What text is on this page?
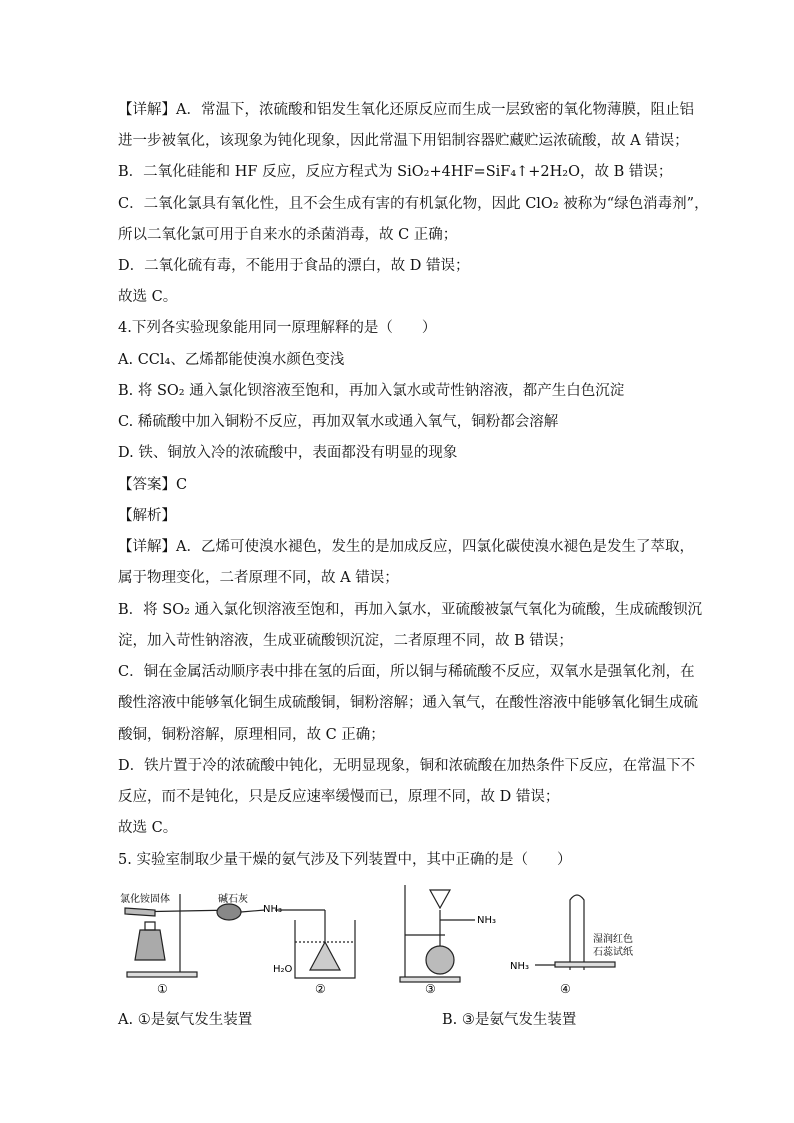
【详解】A．常温下，浓硫酸和铝发生氧化还原反应而生成一层致密的氧化物薄膜，阻止铝
进一步被氧化，该现象为钝化现象，因此常温下用铝制容器贮藏贮运浓硫酸，故 A 错误；
B．二氧化硅能和 HF 反应，反应方程式为 SiO₂+4HF=SiF₄↑+2H₂O，故 B 错误；
C．二氧化氯具有氧化性，且不会生成有害的有机氯化物，因此 ClO₂ 被称为“绿色消毒剂”，
所以二氧化氯可用于自来水的杀菌消毒，故 C 正确；
D．二氧化硫有毒，不能用于食品的漂白，故 D 错误；
故选 C。
4.下列各实验现象能用同一原理解释的是（　　）
A. CCl₄、乙烯都能使溴水颜色变浅
B. 将 SO₂ 通入氯化钡溶液至饱和，再加入氯水或苛性钠溶液，都产生白色沉淀
C. 稀硫酸中加入铜粉不反应，再加双氧水或通入氧气，铜粉都会溶解
D. 铁、铜放入冷的浓硫酸中，表面都没有明显的现象
【答案】C
【解析】
【详解】A．乙烯可使溴水褪色，发生的是加成反应，四氯化碳使溴水褪色是发生了萃取，
属于物理变化，二者原理不同，故 A 错误；
B．将 SO₂ 通入氯化钡溶液至饱和，再加入氯水，亚硫酸被氯气氧化为硫酸，生成硫酸钡沉
淀，加入苛性钠溶液，生成亚硫酸钡沉淀，二者原理不同，故 B 错误；
C．铜在金属活动顺序表中排在氢的后面，所以铜与稀硫酸不反应，双氧水是强氧化剂，在
酸性溶液中能够氧化铜生成硫酸铜，铜粉溶解；通入氧气，在酸性溶液中能够氧化铜生成硫
酸铜，铜粉溶解，原理相同，故 C 正确；
D．铁片置于冷的浓硫酸中钝化，无明显现象，铜和浓硫酸在加热条件下反应，在常温下不
反应，而不是钝化，只是反应速率缓慢而已，原理不同，故 D 错误；
故选 C。
5. 实验室制取少量干燥的氨气涉及下列装置中，其中正确的是（　　）
氯化铵固体	碱石灰
①
NH₃
H₂O
②
NH₃
③
NH₃
湿润红色
石蕊试纸
④
A. ①是氨气发生装置	B. ③是氨气发生装置
